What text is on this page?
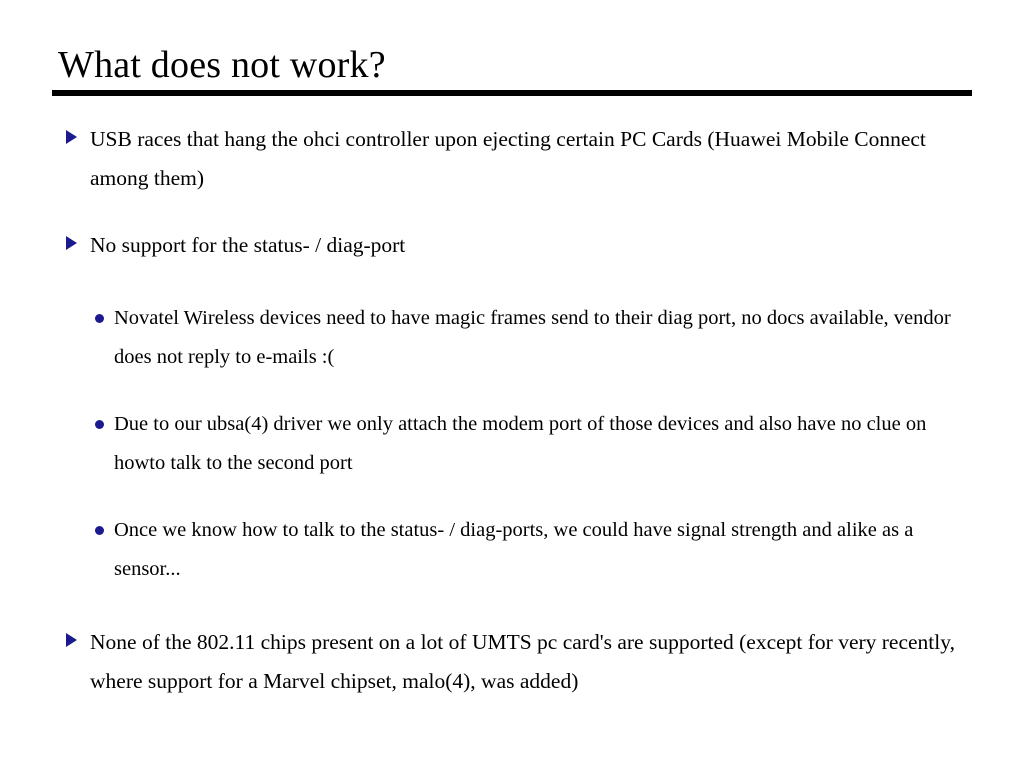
What does not work?
USB races that hang the ohci controller upon ejecting certain PC Cards (Huawei Mobile Connect among them)
No support for the status- / diag-port
Novatel Wireless devices need to have magic frames send to their diag port, no docs available, vendor does not reply to e-mails :(
Due to our ubsa(4) driver we only attach the modem port of those devices and also have no clue on howto talk to the second port
Once we know how to talk to the status- / diag-ports, we could have signal strength and alike as a sensor...
None of the 802.11 chips present on a lot of UMTS pc card's are supported (except for very recently, where support for a Marvel chipset, malo(4), was added)
